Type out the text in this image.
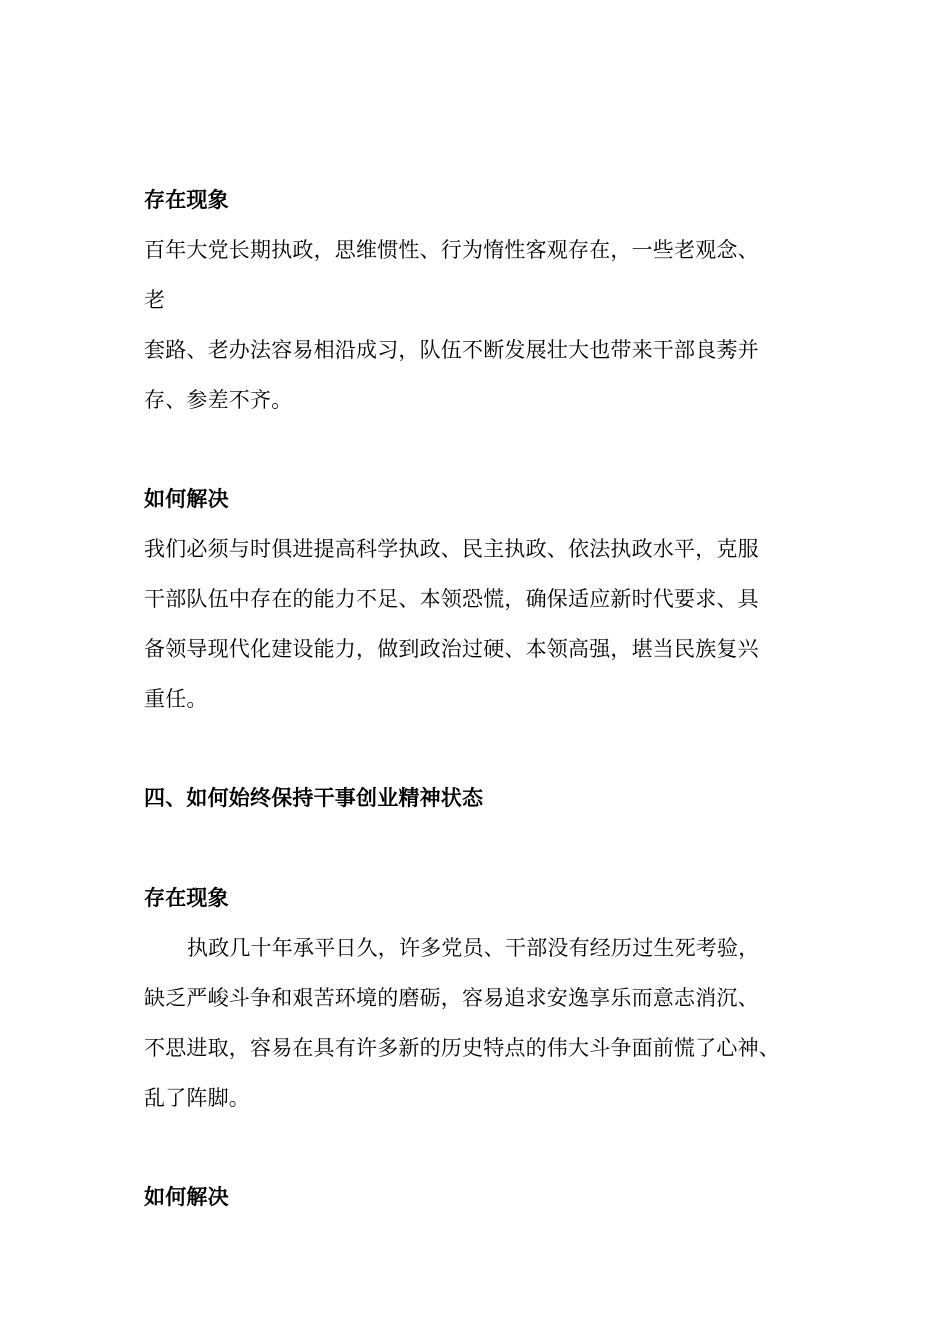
存在现象
百年大党长期执政，思维惯性、行为惰性客观存在，一些老观念、
老
套路、老办法容易相沿成习，队伍不断发展壮大也带来干部良莠并
存、参差不齐。
如何解决
我们必须与时俱进提高科学执政、民主执政、依法执政水平，克服
干部队伍中存在的能力不足、本领恐慌，确保适应新时代要求、具
备领导现代化建设能力，做到政治过硬、本领高强，堪当民族复兴
重任。
四、如何始终保持干事创业精神状态
存在现象
执政几十年承平日久，许多党员、干部没有经历过生死考验，
缺乏严峻斗争和艰苦环境的磨砺，容易追求安逸享乐而意志消沉、
不思进取，容易在具有许多新的历史特点的伟大斗争面前慌了心神、
乱了阵脚。
如何解决
